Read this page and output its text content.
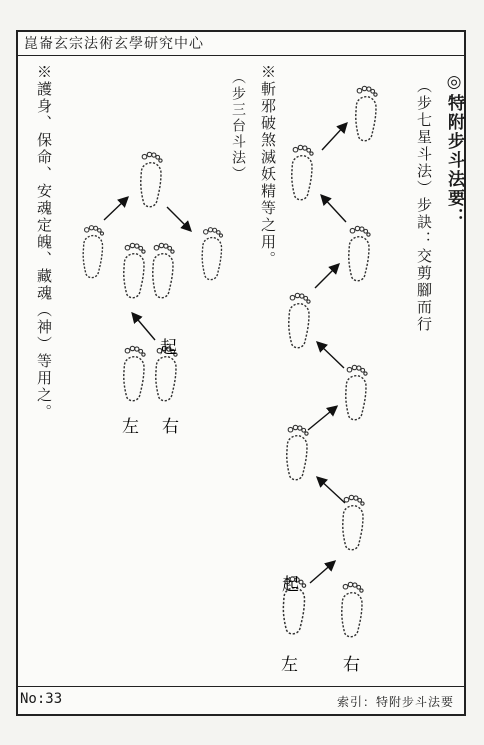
崑崙玄宗法術玄學研究中心
No:33	索引：特附步斗法要
◎特附步斗法要：
（步七星斗法）步訣：交剪腳而行
※斬邪破煞滅妖精等之用。
（步三台斗法）
※護身、保命、安魂定魄、藏魂（神）等用之。
起
左	右
起
左 右
